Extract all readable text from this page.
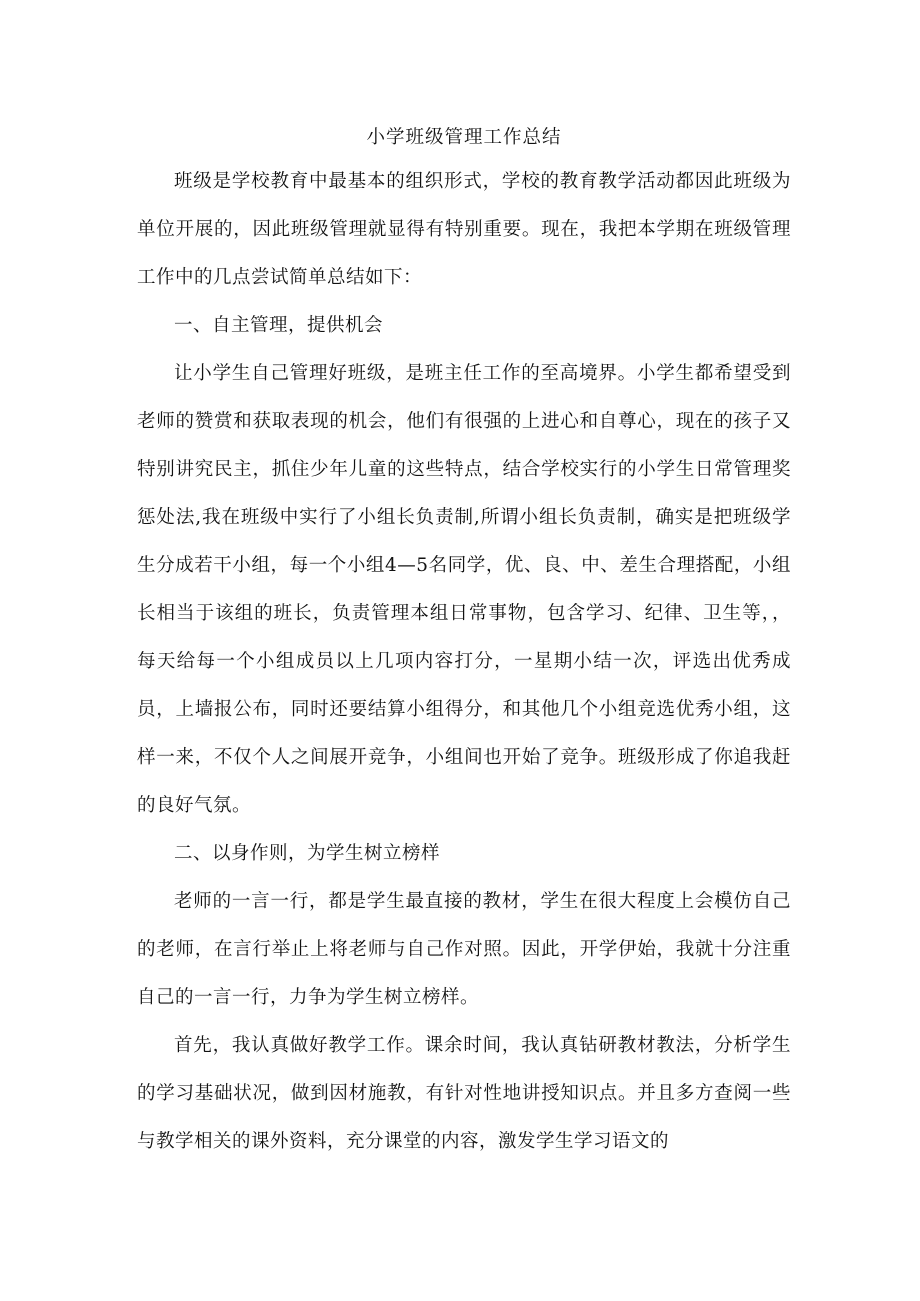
小学班级管理工作总结

班级是学校教育中最基本的组织形式，学校的教育教学活动都因此班级为单位开展的，因此班级管理就显得有特别重要。现在，我把本学期在班级管理工作中的几点尝试简单总结如下：

一、自主管理，提供机会

让小学生自己管理好班级，是班主任工作的至高境界。小学生都希望受到老师的赞赏和获取表现的机会，他们有很强的上进心和自尊心，现在的孩子又特别讲究民主，抓住少年儿童的这些特点，结合学校实行的小学生日常管理奖惩处法,我在班级中实行了小组长负责制,所谓小组长负责制，确实是把班级学生分成若干小组，每一个小组4—5名同学，优、良、中、差生合理搭配，小组长相当于该组的班长，负责管理本组日常事物，包含学习、纪律、卫生等，，每天给每一个小组成员以上几项内容打分，一星期小结一次，评选出优秀成员，上墙报公布，同时还要结算小组得分，和其他几个小组竞选优秀小组，这样一来，不仅个人之间展开竞争，小组间也开始了竞争。班级形成了你追我赶的良好气氛。

二、以身作则，为学生树立榜样

老师的一言一行，都是学生最直接的教材，学生在很大程度上会模仿自己的老师，在言行举止上将老师与自己作对照。因此，开学伊始，我就十分注重自己的一言一行，力争为学生树立榜样。

首先，我认真做好教学工作。课余时间，我认真钻研教材教法，分析学生的学习基础状况，做到因材施教，有针对性地讲授知识点。并且多方查阅一些与教学相关的课外资料，充分课堂的内容，激发学生学习语文的
